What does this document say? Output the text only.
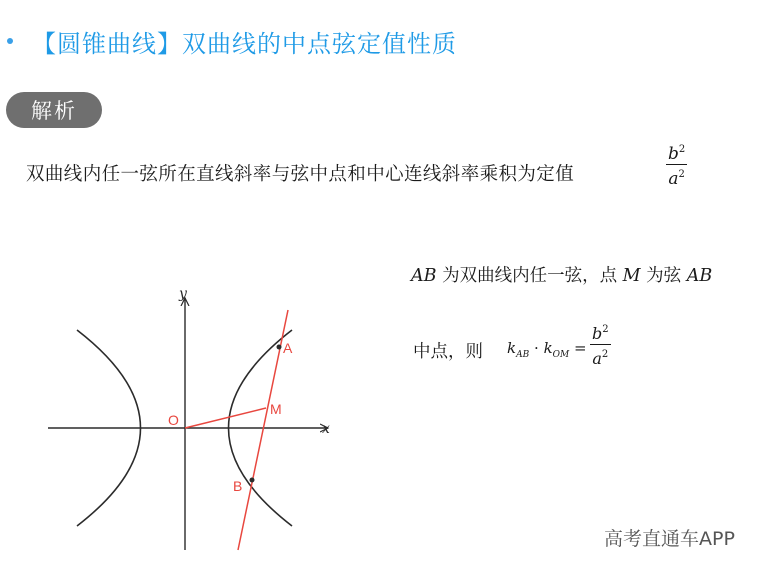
【圆锥曲线】双曲线的中点弦定值性质
解析
双曲线内任一弦所在直线斜率与弦中点和中心连线斜率乘积为定值
$b^2$
$a^2$
AB 为双曲线内任一弦，点 M 为弦 AB
中点，则 $k_{AB} \cdot k_{OM}$ =
$b^2$
$a^2$
x
y
O
M
A
B
高考直通车APP
